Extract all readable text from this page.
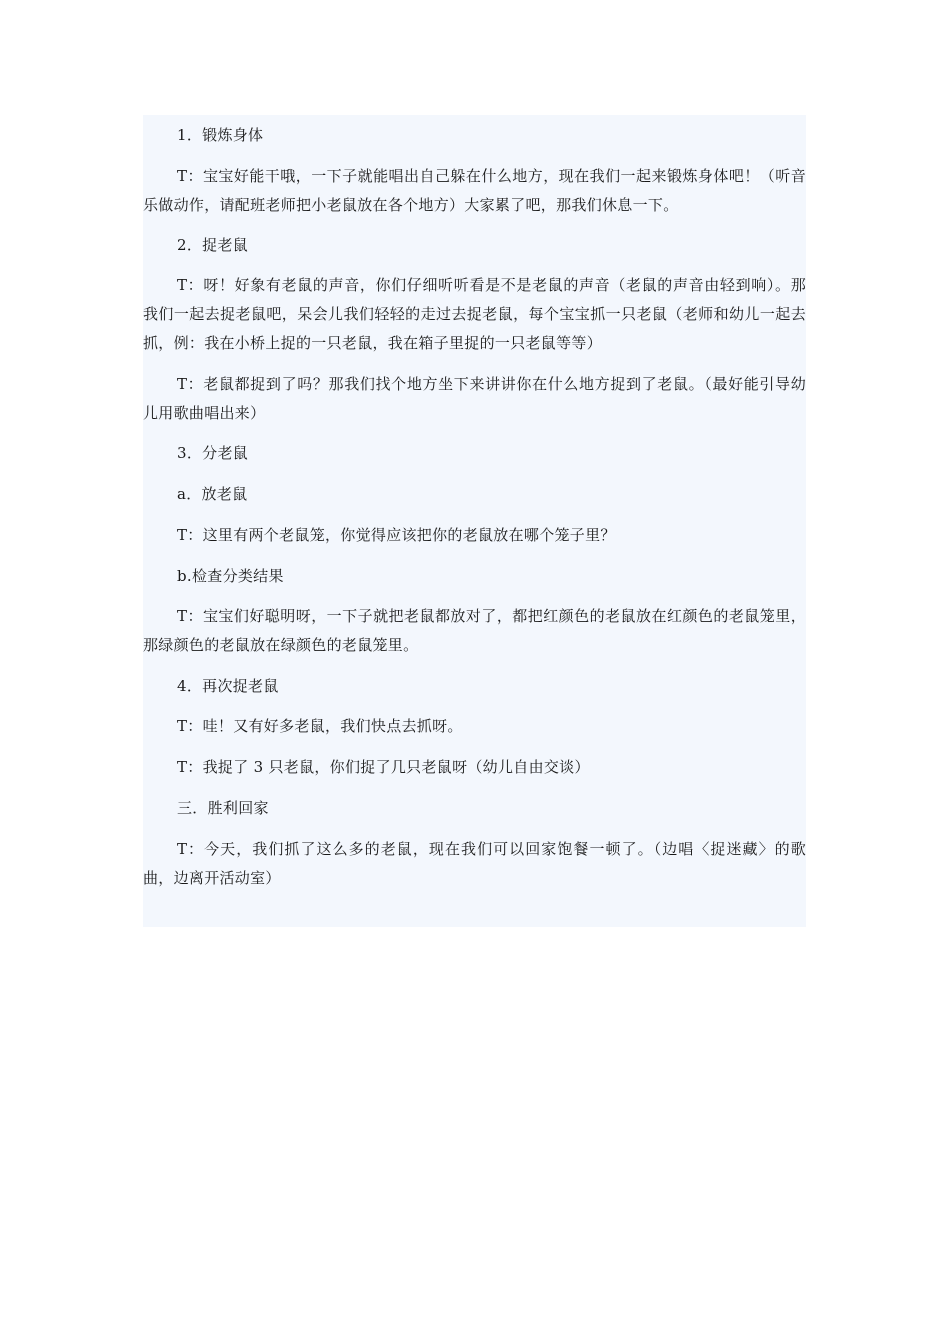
1．锻炼身体

T：宝宝好能干哦，一下子就能唱出自己躲在什么地方，现在我们一起来锻炼身体吧！（听音乐做动作，请配班老师把小老鼠放在各个地方）大家累了吧，那我们休息一下。

2．捉老鼠

T：呀！好象有老鼠的声音，你们仔细听听看是不是老鼠的声音（老鼠的声音由轻到响）。那我们一起去捉老鼠吧，呆会儿我们轻轻的走过去捉老鼠，每个宝宝抓一只老鼠（老师和幼儿一起去抓，例：我在小桥上捉的一只老鼠，我在箱子里捉的一只老鼠等等）

T：老鼠都捉到了吗？那我们找个地方坐下来讲讲你在什么地方捉到了老鼠。（最好能引导幼儿用歌曲唱出来）

3．分老鼠

a．放老鼠

T：这里有两个老鼠笼，你觉得应该把你的老鼠放在哪个笼子里？

b.检查分类结果

T：宝宝们好聪明呀，一下子就把老鼠都放对了，都把红颜色的老鼠放在红颜色的老鼠笼里，那绿颜色的老鼠放在绿颜色的老鼠笼里。

4．再次捉老鼠

T：哇！又有好多老鼠，我们快点去抓呀。

T：我捉了 3 只老鼠，你们捉了几只老鼠呀（幼儿自由交谈）

三．胜利回家

T：今天，我们抓了这么多的老鼠，现在我们可以回家饱餐一顿了。（边唱〈捉迷藏〉的歌曲，边离开活动室）
